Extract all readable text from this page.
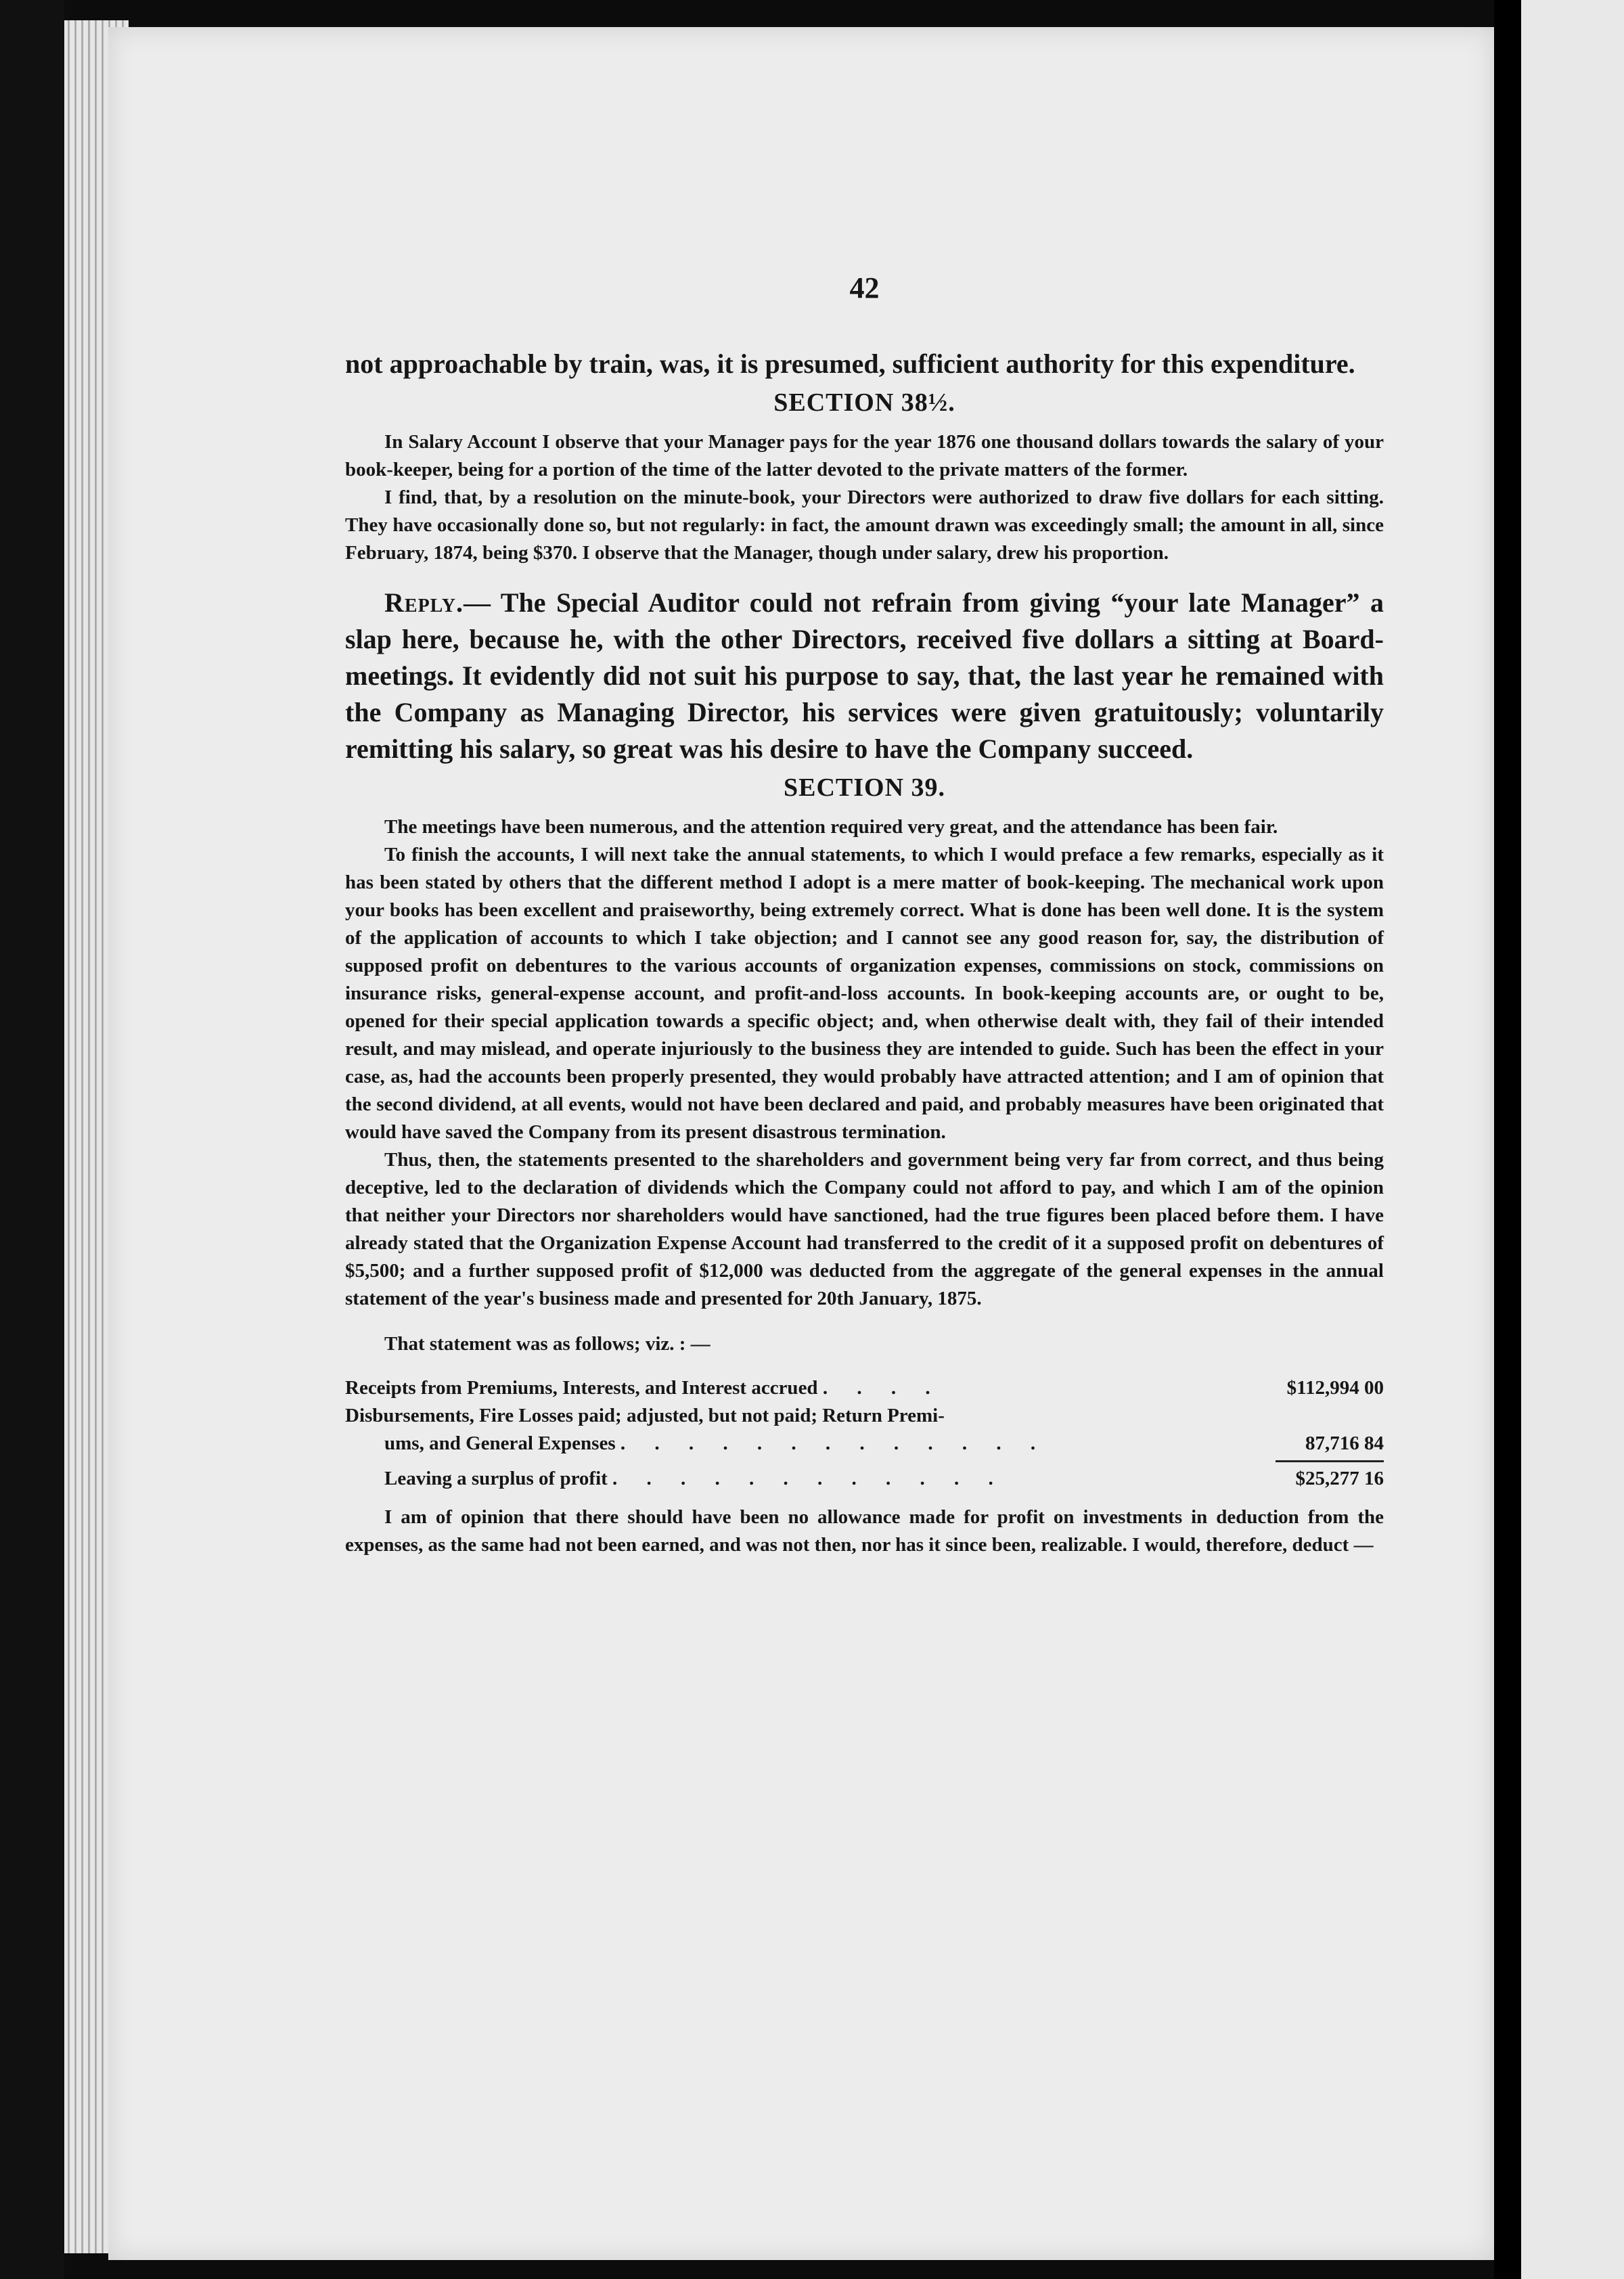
42

not approachable by train, was, it is presumed, sufficient authority for this expenditure.

SECTION 38½.

In Salary Account I observe that your Manager pays for the year 1876 one thousand dollars towards the salary of your book-keeper, being for a portion of the time of the latter devoted to the private matters of the former.

I find, that, by a resolution on the minute-book, your Directors were authorized to draw five dollars for each sitting. They have occasionally done so, but not regularly: in fact, the amount drawn was exceedingly small; the amount in all, since February, 1874, being $370. I observe that the Manager, though under salary, drew his proportion.

Reply.— The Special Auditor could not refrain from giving “your late Manager” a slap here, because he, with the other Directors, received five dollars a sitting at Board-meetings. It evidently did not suit his purpose to say, that, the last year he remained with the Company as Managing Director, his services were given gratuitously; voluntarily remitting his salary, so great was his desire to have the Company succeed.

SECTION 39.

The meetings have been numerous, and the attention required very great, and the attendance has been fair.

To finish the accounts, I will next take the annual statements, to which I would preface a few remarks, especially as it has been stated by others that the different method I adopt is a mere matter of book-keeping. The mechanical work upon your books has been excellent and praiseworthy, being extremely correct. What is done has been well done. It is the system of the application of accounts to which I take objection; and I cannot see any good reason for, say, the distribution of supposed profit on debentures to the various accounts of organization expenses, commissions on stock, commissions on insurance risks, general-expense account, and profit-and-loss accounts. In book-keeping accounts are, or ought to be, opened for their special application towards a specific object; and, when otherwise dealt with, they fail of their intended result, and may mislead, and operate injuriously to the business they are intended to guide. Such has been the effect in your case, as, had the accounts been properly presented, they would probably have attracted attention; and I am of opinion that the second dividend, at all events, would not have been declared and paid, and probably measures have been originated that would have saved the Company from its present disastrous termination.

Thus, then, the statements presented to the shareholders and government being very far from correct, and thus being deceptive, led to the declaration of dividends which the Company could not afford to pay, and which I am of the opinion that neither your Directors nor shareholders would have sanctioned, had the true figures been placed before them. I have already stated that the Organization Expense Account had transferred to the credit of it a supposed profit on debentures of $5,500; and a further supposed profit of $12,000 was deducted from the aggregate of the general expenses in the annual statement of the year's business made and presented for 20th January, 1875.

That statement was as follows; viz. : —
Receipts from Premiums, Interests, and Interest accrued . . . .	$112,994 00
Disbursements, Fire Losses paid; adjusted, but not paid; Return Premi-
ums, and General Expenses . . . . . . . . . . . . .	87,716 84
Leaving a surplus of profit . . . . . . . . . . . .	$25,277 16

I am of opinion that there should have been no allowance made for profit on investments in deduction from the expenses, as the same had not been earned, and was not then, nor has it since been, realizable. I would, therefore, deduct —
